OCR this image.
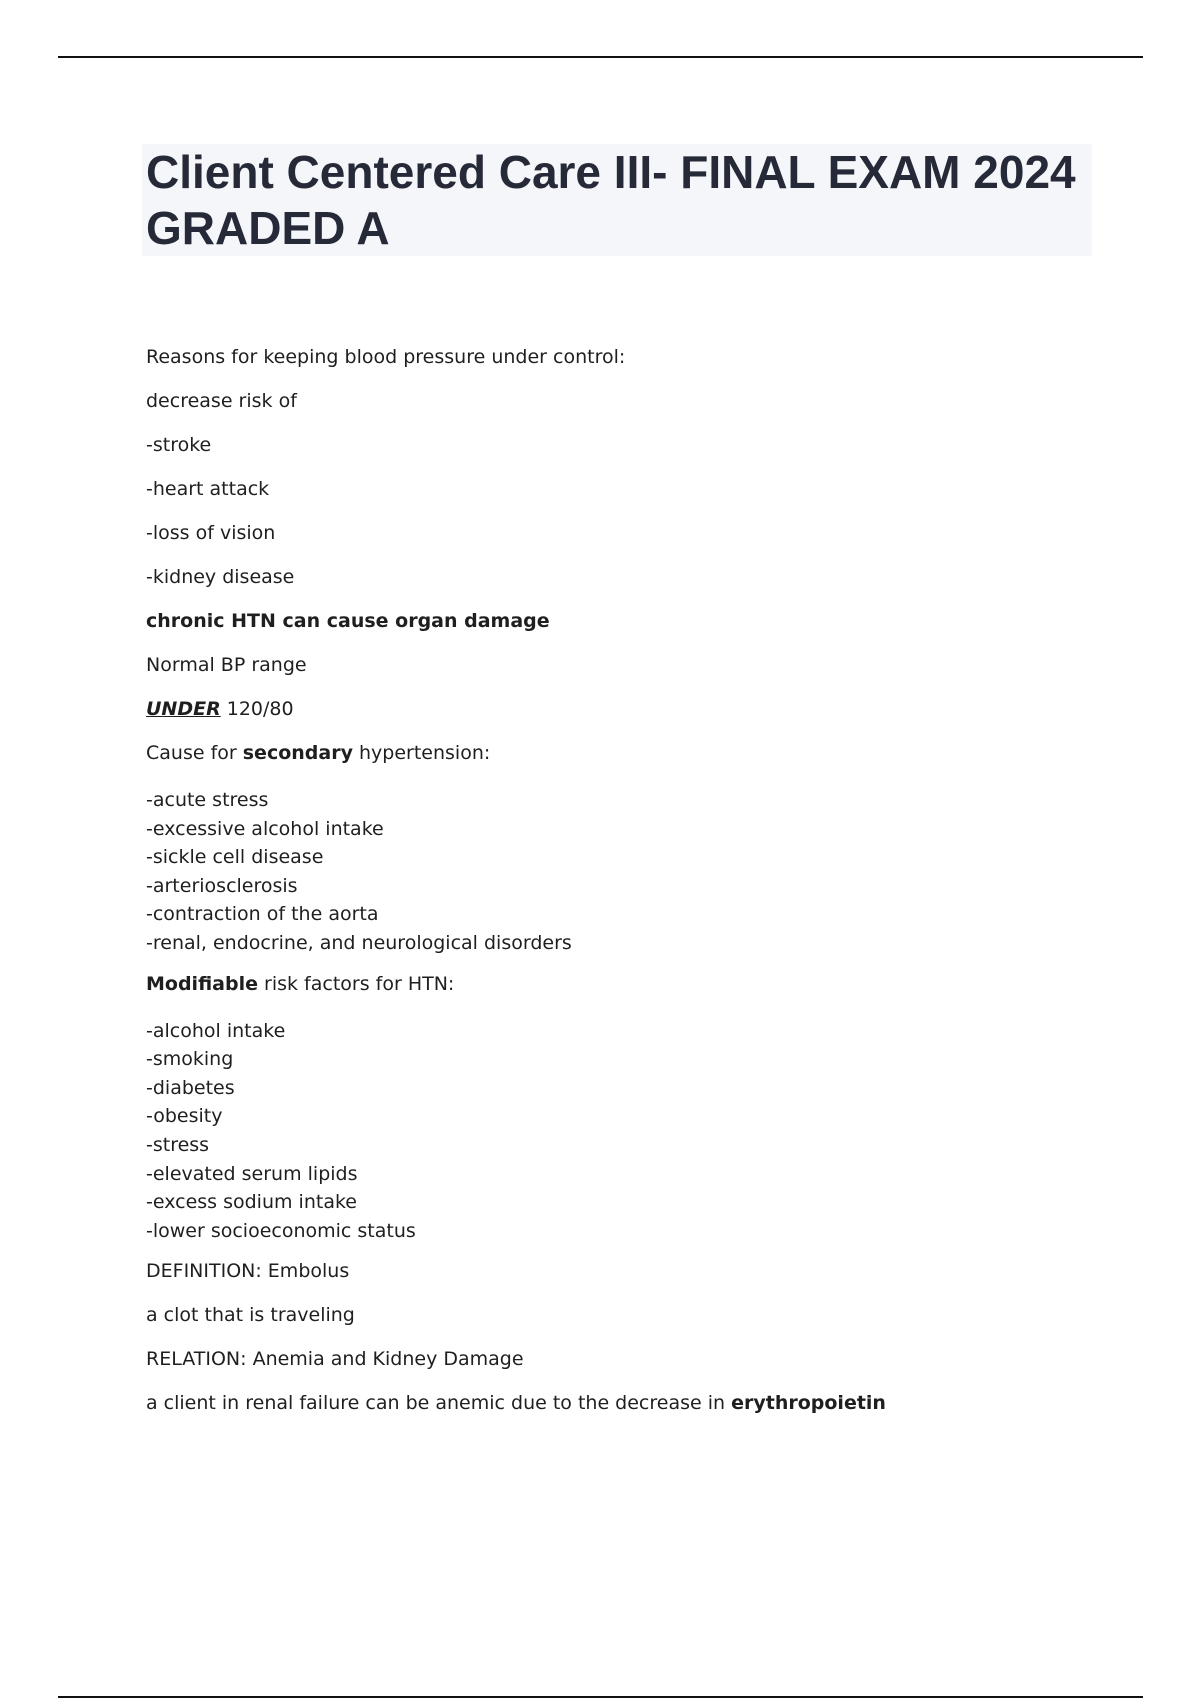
Client Centered Care III- FINAL EXAM 2024 GRADED A
Reasons for keeping blood pressure under control:
decrease risk of
-stroke
-heart attack
-loss of vision
-kidney disease
chronic HTN can cause organ damage
Normal BP range
UNDER 120/80
Cause for secondary hypertension:
-acute stress
-excessive alcohol intake
-sickle cell disease
-arteriosclerosis
-contraction of the aorta
-renal, endocrine, and neurological disorders
Modifiable risk factors for HTN:
-alcohol intake
-smoking
-diabetes
-obesity
-stress
-elevated serum lipids
-excess sodium intake
-lower socioeconomic status
DEFINITION: Embolus
a clot that is traveling
RELATION: Anemia and Kidney Damage
a client in renal failure can be anemic due to the decrease in erythropoietin
